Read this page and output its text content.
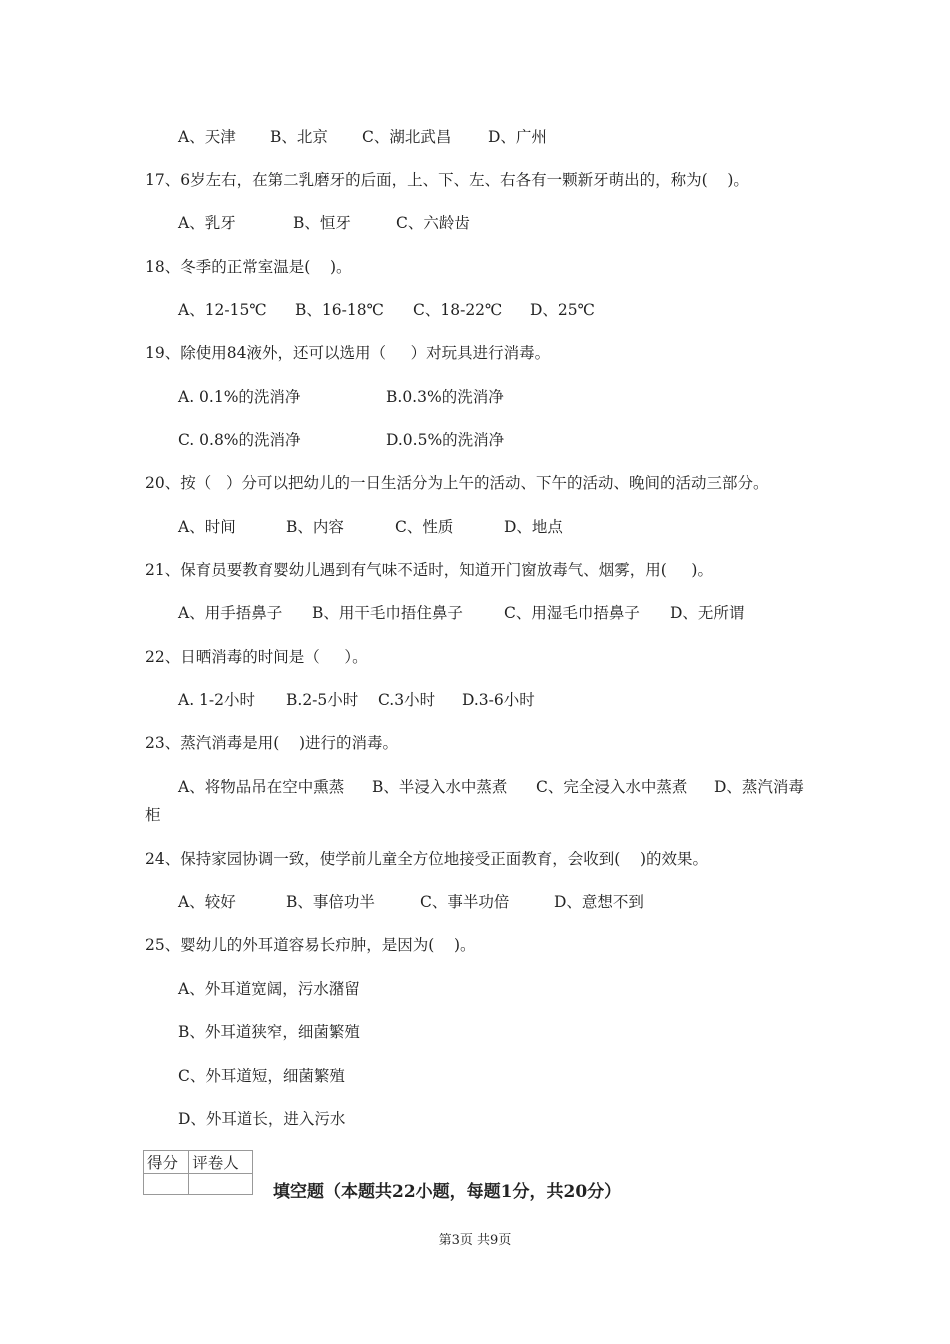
A、天津 B、北京 C、湖北武昌 D、广州
17、6岁左右，在第二乳磨牙的后面，上、下、左、右各有一颗新牙萌出的，称为(    )。
A、乳牙	B、恒牙	C、六龄齿
18、冬季的正常室温是(    )。
A、12-15℃ B、16-18℃ C、18-22℃ D、25℃
19、除使用84液外，还可以选用（     ）对玩具进行消毒。
A. 0.1%的洗消净	B.0.3%的洗消净
C. 0.8%的洗消净	D.0.5%的洗消净
20、按（   ）分可以把幼儿的一日生活分为上午的活动、下午的活动、晚间的活动三部分。
A、时间	B、内容	C、性质	D、地点
21、保育员要教育婴幼儿遇到有气味不适时，知道开门窗放毒气、烟雾，用(     )。
A、用手捂鼻子 B、用干毛巾捂住鼻子	C、用湿毛巾捂鼻子 D、无所谓
22、日晒消毒的时间是（     ）。
A. 1-2小时 B.2-5小时 C.3小时 D.3-6小时
23、蒸汽消毒是用(    )进行的消毒。
A、将物品吊在空中熏蒸 B、半浸入水中蒸煮 C、完全浸入水中蒸煮 D、蒸汽消毒
柜
24、保持家园协调一致，使学前儿童全方位地接受正面教育，会收到(    )的效果。
A、较好	B、事倍功半	C、事半功倍	D、意想不到
25、婴幼儿的外耳道容易长疖肿，是因为(    )。
A、外耳道宽阔，污水潴留
B、外耳道狭窄，细菌繁殖
C、外耳道短，细菌繁殖
D、外耳道长，进入污水
得分	评卷人

填空题（本题共22小题，每题1分，共20分）
第3页 共9页
